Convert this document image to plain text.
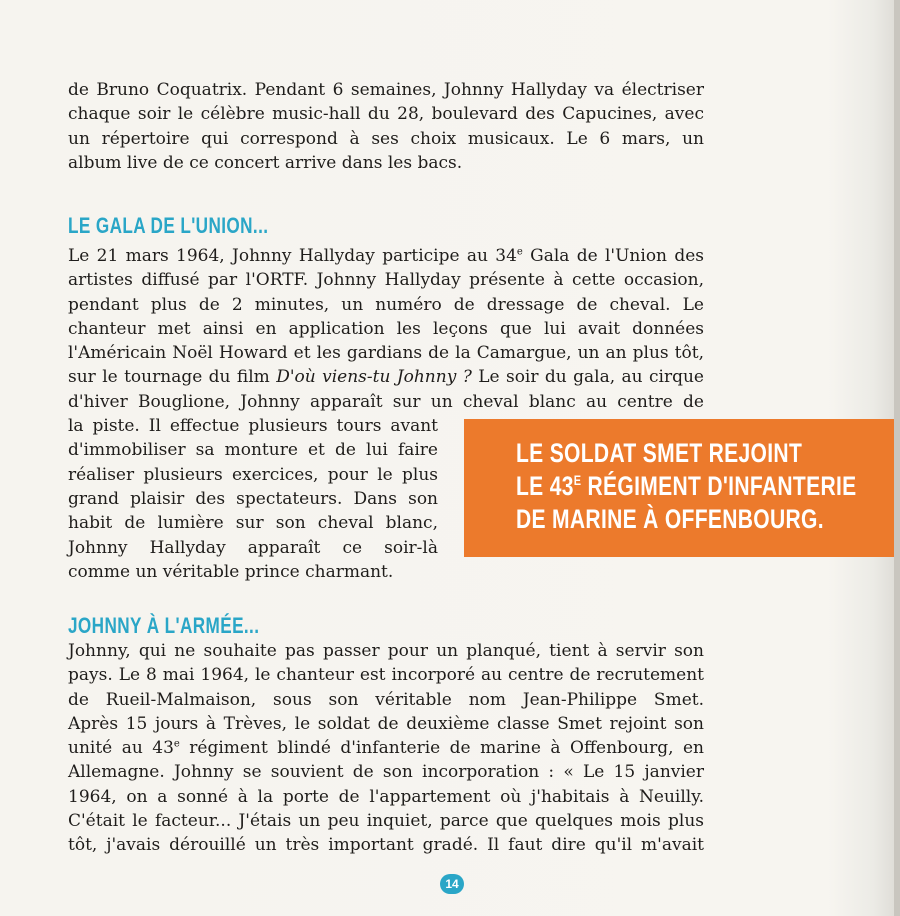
de Bruno Coquatrix. Pendant 6 semaines, Johnny Hallyday va électriser
chaque soir le célèbre music-hall du 28, boulevard des Capucines, avec
un répertoire qui correspond à ses choix musicaux. Le 6 mars, un
album live de ce concert arrive dans les bacs.
LE GALA DE L'UNION...
Le 21 mars 1964, Johnny Hallyday participe au 34e Gala de l'Union des
artistes diffusé par l'ORTF. Johnny Hallyday présente à cette occasion,
pendant plus de 2 minutes, un numéro de dressage de cheval. Le
chanteur met ainsi en application les leçons que lui avait données
l'Américain Noël Howard et les gardians de la Camargue, un an plus tôt,
sur le tournage du film D'où viens-tu Johnny ? Le soir du gala, au cirque
d'hiver Bouglione, Johnny apparaît sur un cheval blanc au centre de
la piste. Il effectue plusieurs tours avant
d'immobiliser sa monture et de lui faire
réaliser plusieurs exercices, pour le plus
grand plaisir des spectateurs. Dans son
habit de lumière sur son cheval blanc,
Johnny Hallyday apparaît ce soir-là
comme un véritable prince charmant.

LE SOLDAT SMET REJOINT
LE $43^E$ RÉGIMENT D'INFANTERIE
DE MARINE À OFFENBOURG.

JOHNNY À L'ARMÉE...
Johnny, qui ne souhaite pas passer pour un planqué, tient à servir son
pays. Le 8 mai 1964, le chanteur est incorporé au centre de recrutement
de Rueil-Malmaison, sous son véritable nom Jean-Philippe Smet.
Après 15 jours à Trèves, le soldat de deuxième classe Smet rejoint son
unité au 43e régiment blindé d'infanterie de marine à Offenbourg, en
Allemagne. Johnny se souvient de son incorporation : « Le 15 janvier
1964, on a sonné à la porte de l'appartement où j'habitais à Neuilly.
C'était le facteur... J'étais un peu inquiet, parce que quelques mois plus
tôt, j'avais dérouillé un très important gradé. Il faut dire qu'il m'avait
14
